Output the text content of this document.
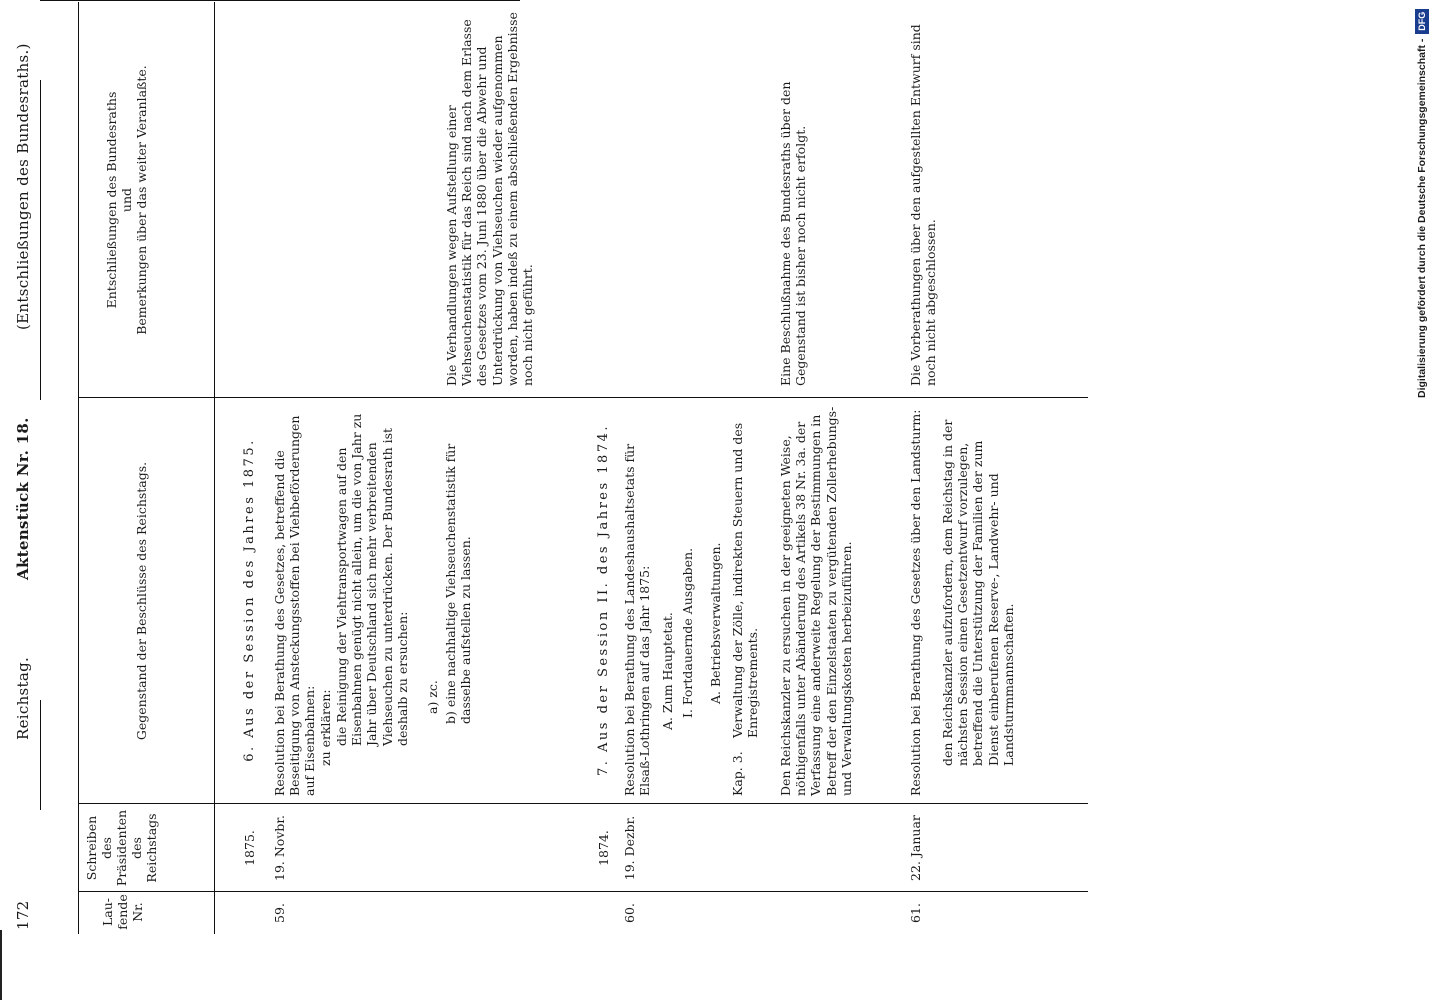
172
Reichstag.
Aktenstück Nr. 18.
(Entschließungen des Bundesraths.)
Lau-
fende
Nr.
Schreiben
des
Präsidenten
des
Reichstags
Gegenstand der Beschlüsse des Reichstags.
Entschließungen des Bundesraths
und
Bemerkungen über das weiter Veranlaßte.
6. Aus der Session des Jahres 1875.
1875.
59.
19. Novbr.
Resolution bei Berathung des Gesetzes, betreffend die Beseitigung von Ansteckungsstoffen bei Viehbeförderungen auf Eisenbahnen: zu erklären: die Reinigung der Viehtransportwagen auf den Eisenbahnen genügt nicht allein, um die von Jahr zu Jahr über Deutschland sich mehr verbreitenden Viehseuchen zu unterdrücken. Der Bundesrath ist deshalb zu ersuchen: a) zc. b) eine nachhaltige Viehseuchenstatistik für dasselbe aufstellen zu lassen.
Die Verhandlungen wegen Aufstellung einer Viehseuchenstatistik für das Reich sind nach dem Erlasse des Gesetzes vom 23. Juni 1880 über die Abwehr und Unterdrückung von Viehseuchen wieder aufgenommen worden, haben indeß zu einem abschließenden Ergebnisse noch nicht geführt.
7. Aus der Session II. des Jahres 1874.
1874.
60.
19. Dezbr.
Resolution bei Berathung des Landeshaushaltsetats für Elsaß-Lothringen auf das Jahr 1875: A. Zum Hauptetat. I. Fortdauernde Ausgaben. A. Betriebsverwaltungen.
Kap. 3.
Verwaltung der Zölle, indirekten Steuern und des Enregistrements. Den Reichskanzler zu ersuchen in der geeigneten Weise, nöthigenfalls unter Abänderung des Artikels 38 Nr. 3a. der Verfassung eine anderweite Regelung der Bestimmungen in Betreff der den Einzelstaaten zu vergütenden Zollerhebungs- und Verwaltungskosten herbeizuführen.
Eine Beschlußnahme des Bundesraths über den Gegenstand ist bisher noch nicht erfolgt.
61.
22. Januar
Resolution bei Berathung des Gesetzes über den Landsturm: den Reichskanzler aufzufordern, dem Reichstag in der nächsten Session einen Gesetzentwurf vorzulegen, betreffend die Unterstützung der Familien der zum Dienst einberufenen Reserve-, Landwehr- und Landsturmmannschaften.
Die Vorberathungen über den aufgestellten Entwurf sind noch nicht abgeschlossen.	Digitalisierung gefördert durch die Deutsche Forschungsgemeinschaft - DFG
